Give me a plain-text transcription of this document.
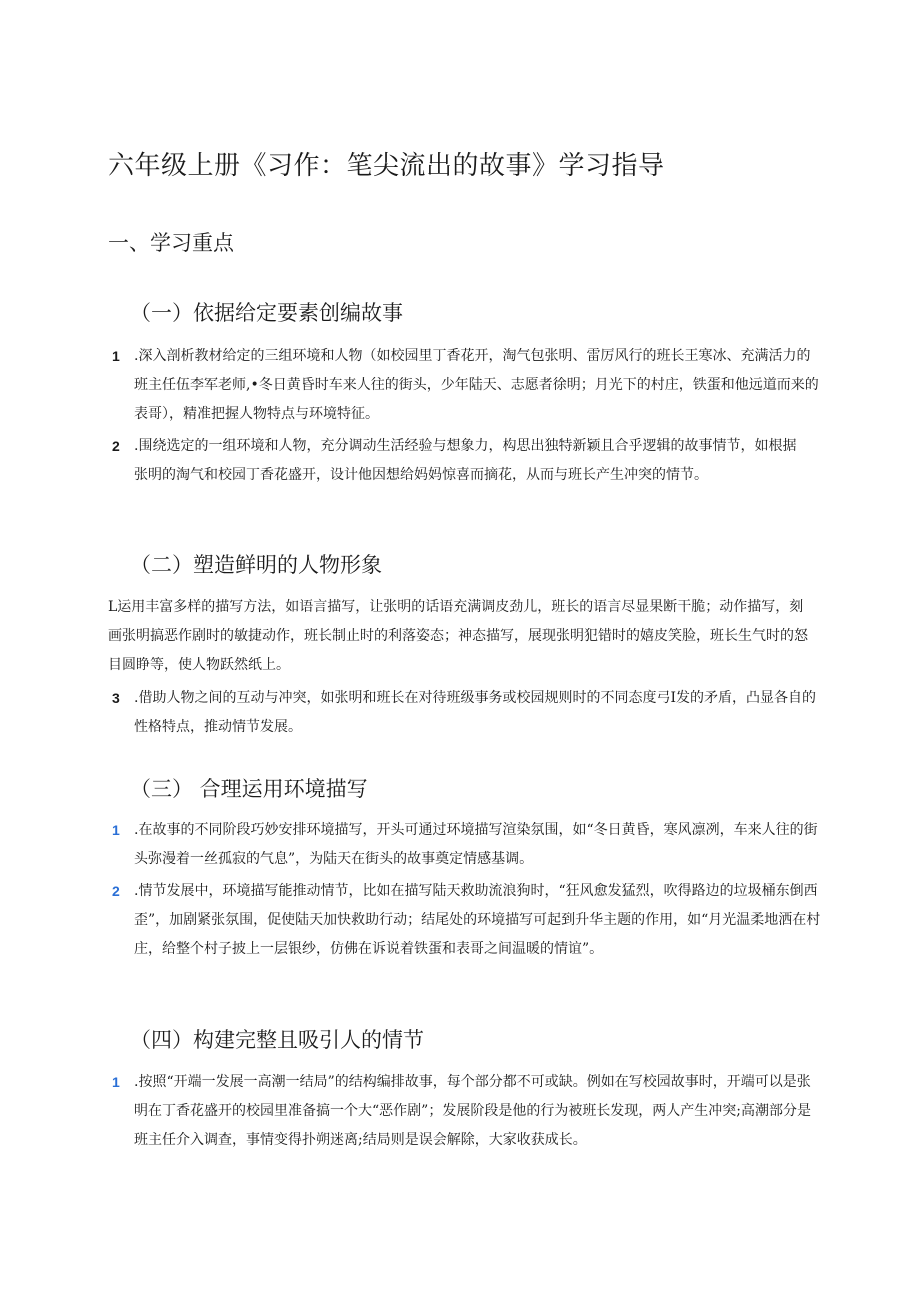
六年级上册《习作：笔尖流出的故事》学习指导
一、学习重点
（一）依据给定要素创编故事

1 .深入剖析教材给定的三组环境和人物（如校园里丁香花开，淘气包张明、雷厉风行的班长王寒冰、充满活力的班主任伍李军老师,•冬日黄昏时车来人往的街头，少年陆天、志愿者徐明；月光下的村庄，铁蛋和他远道而来的表哥），精准把握人物特点与环境特征。

2 .围绕选定的一组环境和人物，充分调动生活经验与想象力，构思出独特新颖且合乎逻辑的故事情节，如根据张明的淘气和校园丁香花盛开，设计他因想给妈妈惊喜而摘花，从而与班长产生冲突的情节。

（二）塑造鲜明的人物形象

L运用丰富多样的描写方法，如语言描写，让张明的话语充满调皮劲儿，班长的语言尽显果断干脆；动作描写，刻画张明搞恶作剧时的敏捷动作，班长制止时的利落姿态；神态描写，展现张明犯错时的嬉皮笑脸，班长生气时的怒目圆睁等，使人物跃然纸上。

3 .借助人物之间的互动与冲突，如张明和班长在对待班级事务或校园规则时的不同态度弓I发的矛盾，凸显各自的性格特点，推动情节发展。

（三） 合理运用环境描写

1 .在故事的不同阶段巧妙安排环境描写，开头可通过环境描写渲染氛围，如“冬日黄昏，寒风凛冽，车来人往的街头弥漫着一丝孤寂的气息”，为陆天在街头的故事奠定情感基调。

2 .情节发展中，环境描写能推动情节，比如在描写陆天救助流浪狗时，“狂风愈发猛烈，吹得路边的垃圾桶东倒西歪”，加剧紧张氛围，促使陆天加快救助行动；结尾处的环境描写可起到升华主题的作用，如“月光温柔地洒在村庄，给整个村子披上一层银纱，仿佛在诉说着铁蛋和表哥之间温暖的情谊”。

（四）构建完整且吸引人的情节

1 .按照“开端一发展一高潮一结局”的结构编排故事，每个部分都不可或缺。例如在写校园故事时，开端可以是张明在丁香花盛开的校园里准备搞一个大“恶作剧”；发展阶段是他的行为被班长发现，两人产生冲突;高潮部分是班主任介入调查，事情变得扑朔迷离;结局则是误会解除，大家收获成长。
